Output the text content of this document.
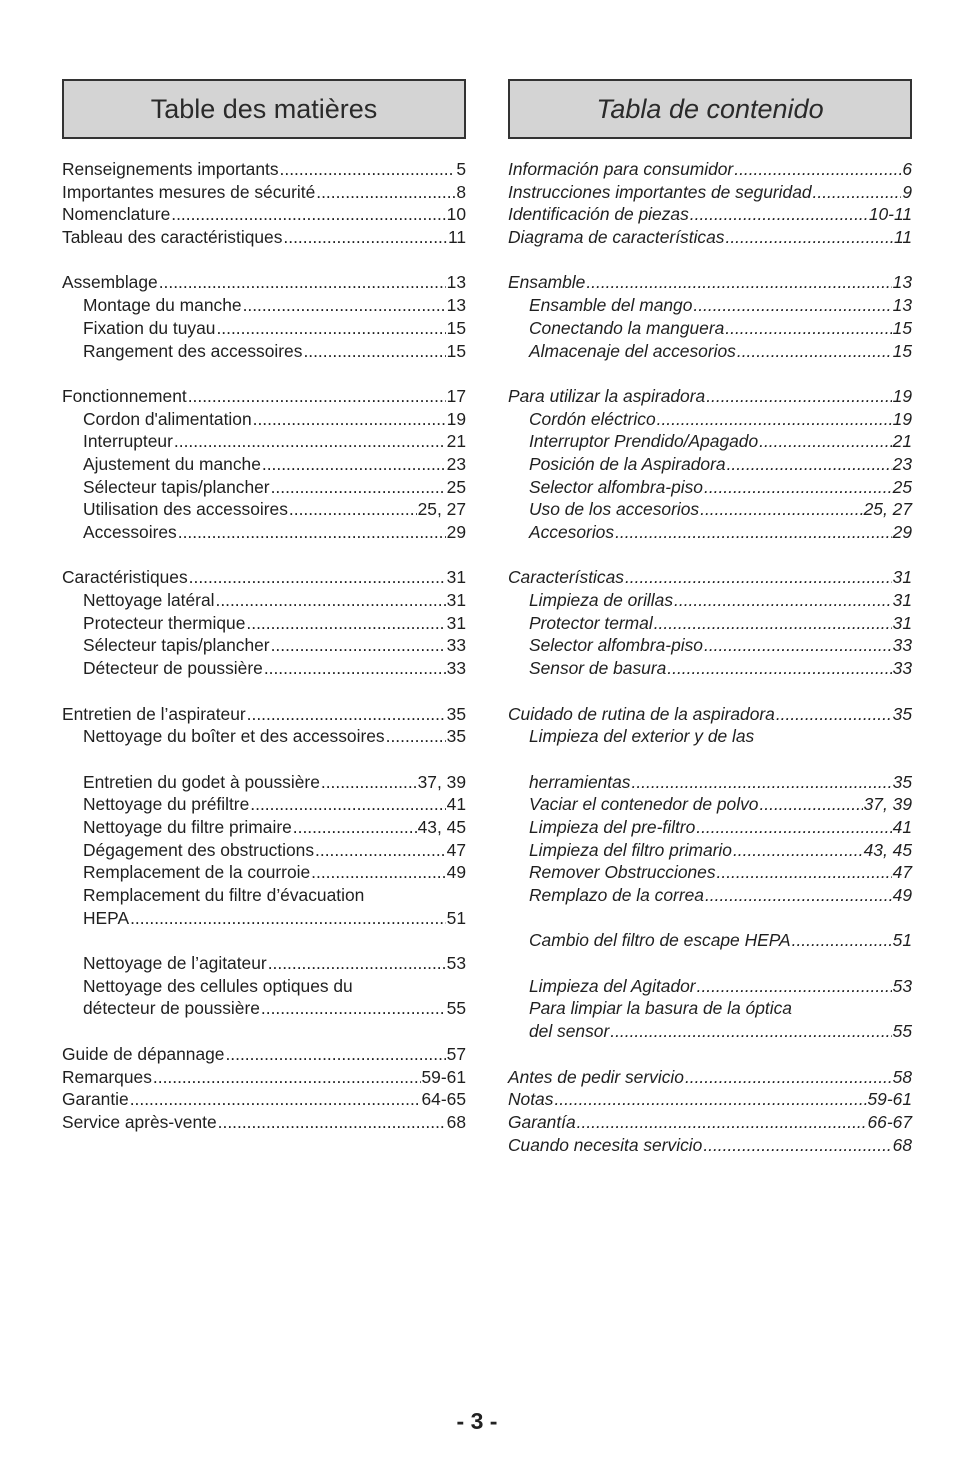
Table des matières
Renseignements importants .....	5
Importantes mesures de sécurité .....	8
Nomenclature .....	10
Tableau des caractéristiques .....	11
Assemblage .....	13
Montage du manche .....	13
Fixation du tuyau .....	15
Rangement des accessoires .....	15
Fonctionnement .....	17
Cordon d'alimentation .....	19
Interrupteur .....	21
Ajustement du manche .....	23
Sélecteur tapis/plancher .....	25
Utilisation des accessoires .....	25, 27
Accessoires .....	29
Caractéristiques .....	31
Nettoyage latéral .....	31
Protecteur thermique .....	31
Sélecteur tapis/plancher .....	33
Détecteur de poussière .....	33
Entretien de l’aspirateur .....	35
Nettoyage du boîter et des accessoires .....	35
Entretien du godet à poussière .....	37, 39
Nettoyage du préfiltre .....	41
Nettoyage du filtre primaire .....	43, 45
Dégagement des obstructions .....	47
Remplacement de la courroie .....	49
Remplacement du filtre d’évacuation
HEPA .....	51
Nettoyage de l’agitateur .....	53
Nettoyage des cellules optiques du
détecteur de poussière .....	55
Guide de dépannage .....	57
Remarques .....	59-61
Garantie .....	64-65
Service après-vente .....	68
Tabla de contenido
Información para consumidor .....	6
Instrucciones importantes de seguridad .....	9
Identificación de piezas .....	10-11
Diagrama de características .....	11
Ensamble .....	13
Ensamble del mango .....	13
Conectando la manguera .....	15
Almacenaje del accesorios .....	15
Para utilizar la aspiradora .....	19
Cordón eléctrico .....	19
Interruptor Prendido/Apagado .....	21
Posición de la Aspiradora .....	23
Selector alfombra-piso .....	25
Uso de los accesorios .....	25, 27
Accesorios .....	29
Características .....	31
Limpieza de orillas .....	31
Protector termal .....	31
Selector alfombra-piso .....	33
Sensor de basura .....	33
Cuidado de rutina de la aspiradora .....	35
Limpieza del exterior y de las
herramientas .....	35
Vaciar el contenedor de polvo .....	37, 39
Limpieza del pre-filtro .....	41
Limpieza del filtro primario .....	43, 45
Remover Obstrucciones .....	47
Remplazo de la correa .....	49
Cambio del filtro de escape HEPA .....	51
Limpieza del Agitador .....	53
Para limpiar la basura de la óptica
del sensor .....	55
Antes de pedir servicio .....	58
Notas .....	59-61
Garantía .....	66-67
Cuando necesita servicio .....	68
- 3 -
